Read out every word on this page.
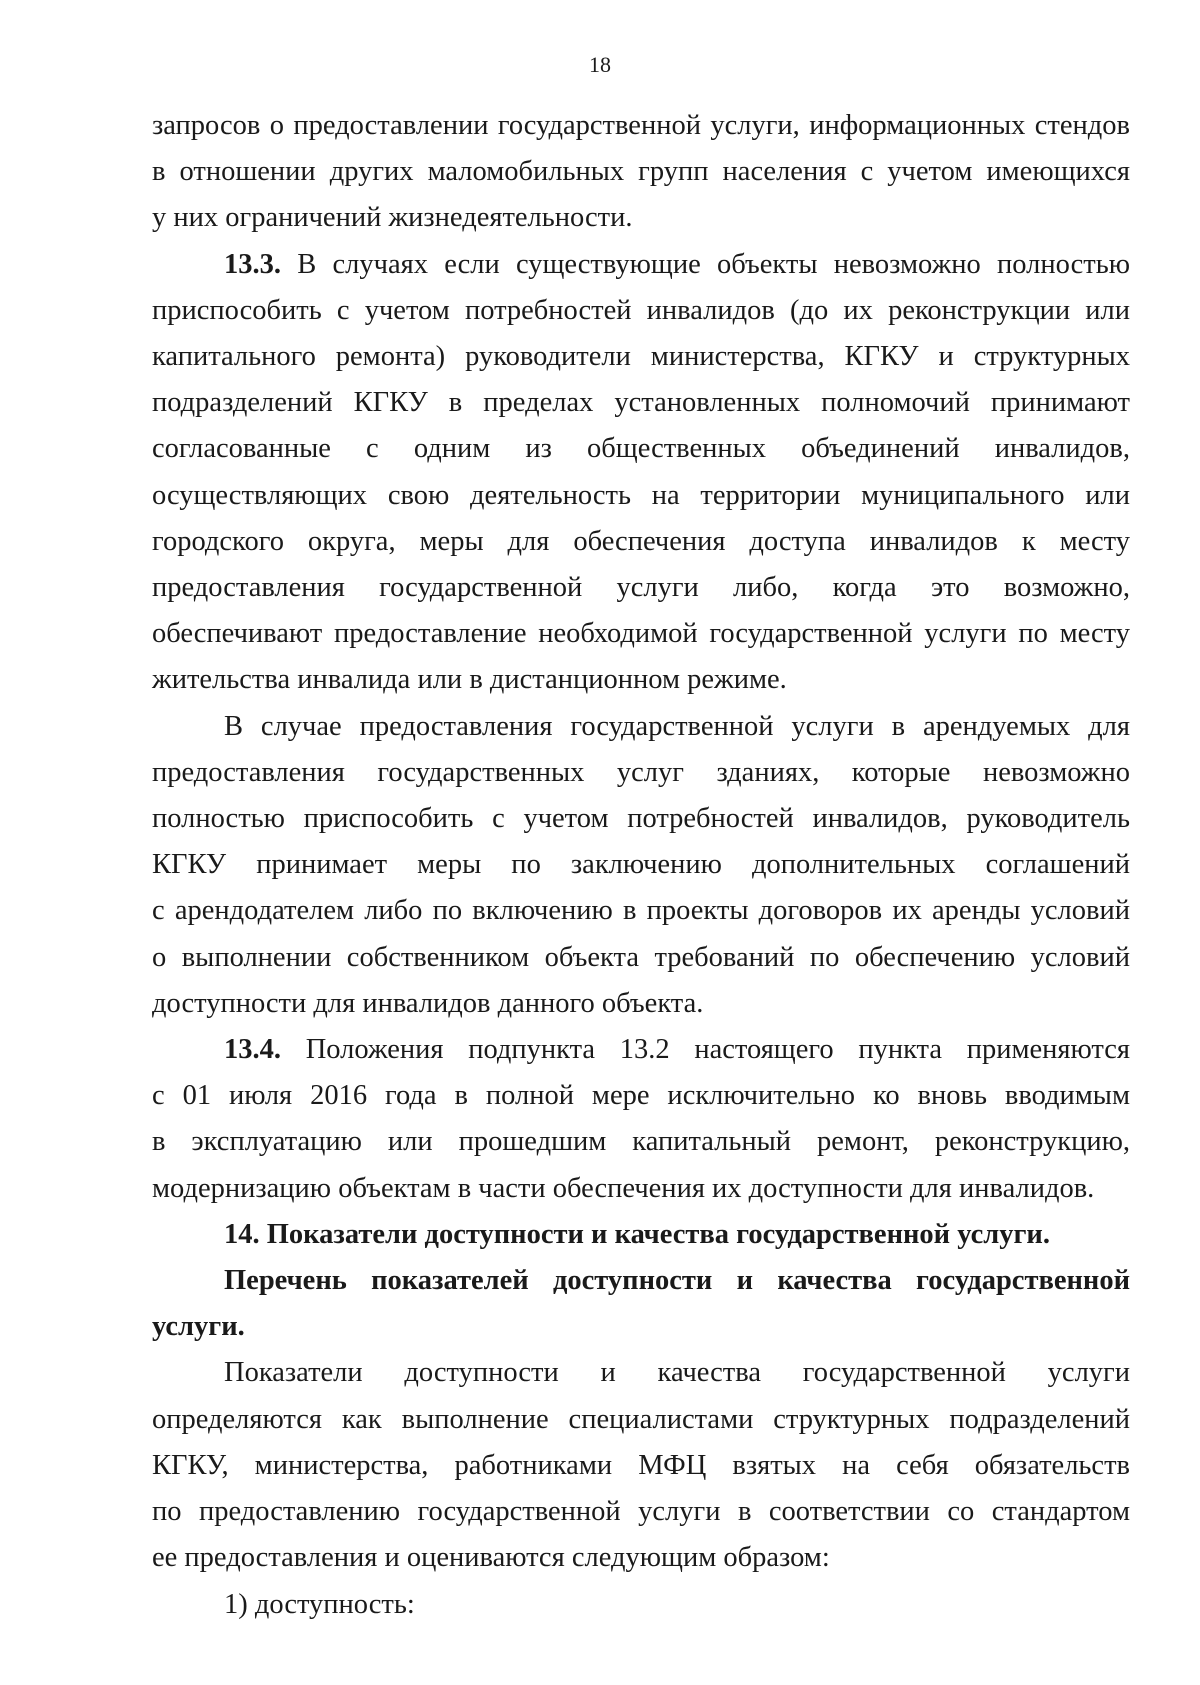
18
запросов о предоставлении государственной услуги, информационных стендов
в отношении других маломобильных групп населения с учетом имеющихся
у них ограничений жизнедеятельности.
13.3. В случаях если существующие объекты невозможно полностью
приспособить с учетом потребностей инвалидов (до их реконструкции или
капитального ремонта) руководители министерства, КГКУ и структурных
подразделений КГКУ в пределах установленных полномочий принимают
согласованные с одним из общественных объединений инвалидов,
осуществляющих свою деятельность на территории муниципального или
городского округа, меры для обеспечения доступа инвалидов к месту
предоставления государственной услуги либо, когда это возможно,
обеспечивают предоставление необходимой государственной услуги по месту
жительства инвалида или в дистанционном режиме.
В случае предоставления государственной услуги в арендуемых для
предоставления государственных услуг зданиях, которые невозможно
полностью приспособить с учетом потребностей инвалидов, руководитель
КГКУ принимает меры по заключению дополнительных соглашений
с арендодателем либо по включению в проекты договоров их аренды условий
о выполнении собственником объекта требований по обеспечению условий
доступности для инвалидов данного объекта.
13.4. Положения подпункта 13.2 настоящего пункта применяются
с 01 июля 2016 года в полной мере исключительно ко вновь вводимым
в эксплуатацию или прошедшим капитальный ремонт, реконструкцию,
модернизацию объектам в части обеспечения их доступности для инвалидов.
14. Показатели доступности и качества государственной услуги.
Перечень показателей доступности и качества государственной
услуги.
Показатели доступности и качества государственной услуги
определяются как выполнение специалистами структурных подразделений
КГКУ, министерства, работниками МФЦ взятых на себя обязательств
по предоставлению государственной услуги в соответствии со стандартом
ее предоставления и оцениваются следующим образом:
1) доступность:
